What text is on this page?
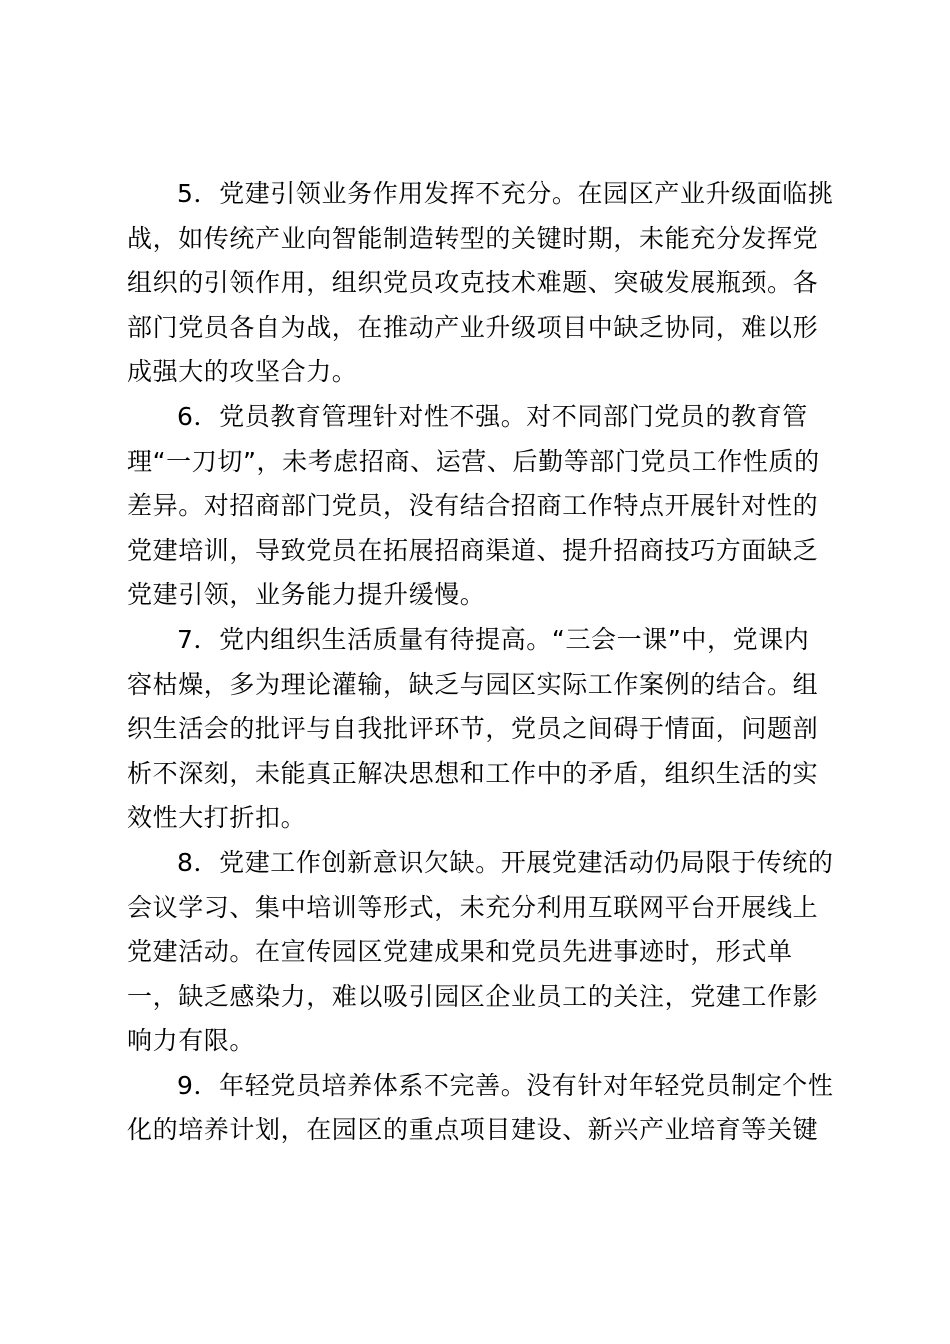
5．党建引领业务作用发挥不充分。在园区产业升级面临挑
战，如传统产业向智能制造转型的关键时期，未能充分发挥党
组织的引领作用，组织党员攻克技术难题、突破发展瓶颈。各
部门党员各自为战，在推动产业升级项目中缺乏协同，难以形
成强大的攻坚合力。
6．党员教育管理针对性不强。对不同部门党员的教育管
理“一刀切”，未考虑招商、运营、后勤等部门党员工作性质的
差异。对招商部门党员，没有结合招商工作特点开展针对性的
党建培训，导致党员在拓展招商渠道、提升招商技巧方面缺乏
党建引领，业务能力提升缓慢。
7．党内组织生活质量有待提高。“三会一课”中，党课内
容枯燥，多为理论灌输，缺乏与园区实际工作案例的结合。组
织生活会的批评与自我批评环节，党员之间碍于情面，问题剖
析不深刻，未能真正解决思想和工作中的矛盾，组织生活的实
效性大打折扣。
8．党建工作创新意识欠缺。开展党建活动仍局限于传统的
会议学习、集中培训等形式，未充分利用互联网平台开展线上
党建活动。在宣传园区党建成果和党员先进事迹时，形式单
一，缺乏感染力，难以吸引园区企业员工的关注，党建工作影
响力有限。
9．年轻党员培养体系不完善。没有针对年轻党员制定个性
化的培养计划，在园区的重点项目建设、新兴产业培育等关键
